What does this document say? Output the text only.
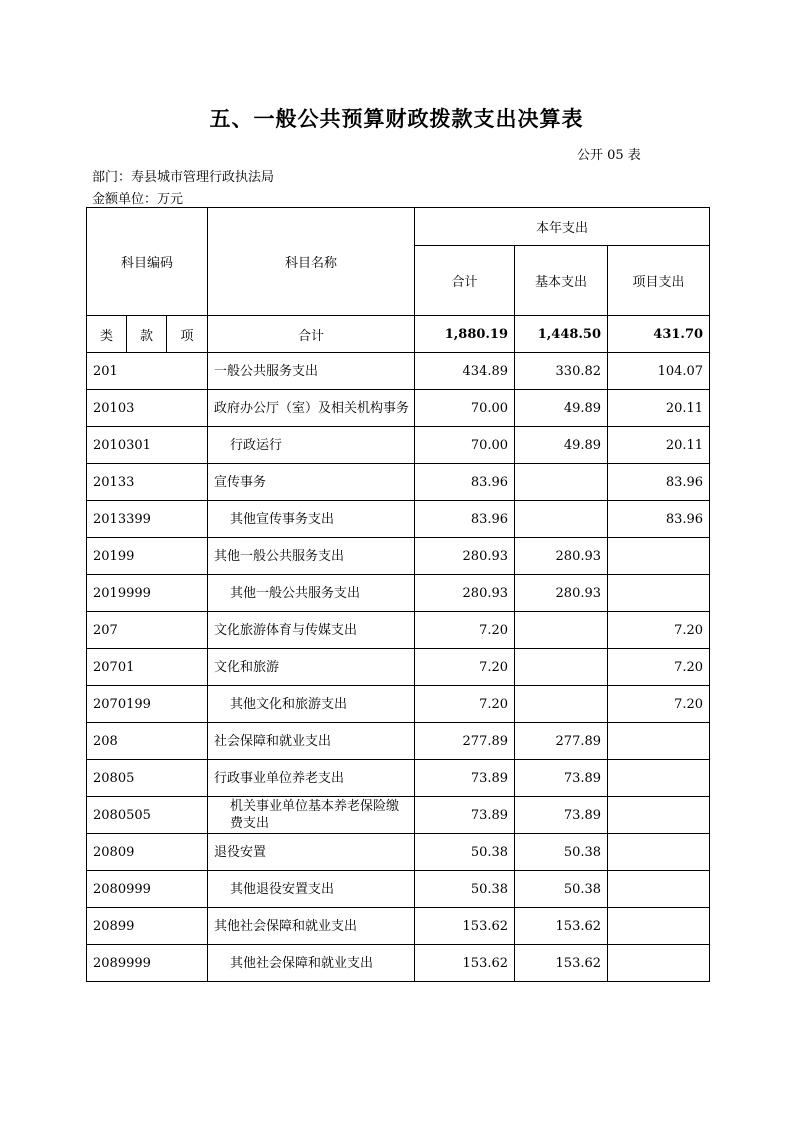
五、一般公共预算财政拨款支出决算表
公开 05 表
部门：寿县城市管理行政执法局
金额单位：万元
科目编码			科目名称	本年支出		
				合计	基本支出	项目支出
类	款	项	合计	1,880.19	1,448.50	431.70
201			一般公共服务支出	434.89	330.82	104.07
20103			政府办公厅（室）及相关机构事务	70.00	49.89	20.11
2010301			行政运行	70.00	49.89	20.11
20133			宣传事务	83.96		83.96
2013399			其他宣传事务支出	83.96		83.96
20199			其他一般公共服务支出	280.93	280.93	
2019999			其他一般公共服务支出	280.93	280.93	
207			文化旅游体育与传媒支出	7.20		7.20
20701			文化和旅游	7.20		7.20
2070199			其他文化和旅游支出	7.20		7.20
208			社会保障和就业支出	277.89	277.89	
20805			行政事业单位养老支出	73.89	73.89	
2080505			机关事业单位基本养老保险缴费支出	73.89	73.89	
20809			退役安置	50.38	50.38	
2080999			其他退役安置支出	50.38	50.38	
20899			其他社会保障和就业支出	153.62	153.62	
2089999			其他社会保障和就业支出	153.62	153.62	
